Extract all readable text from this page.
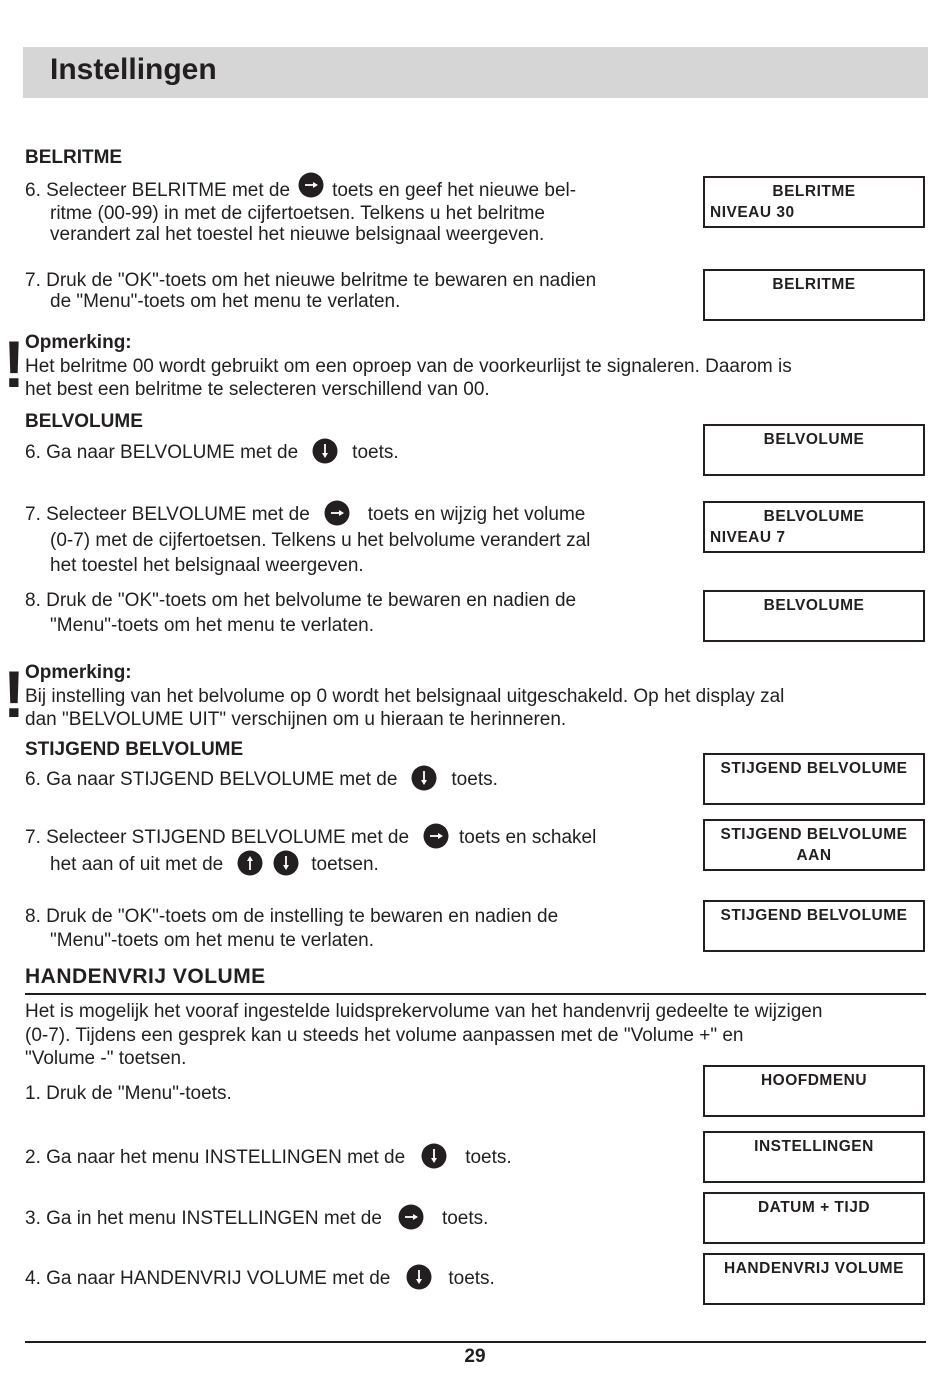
Instellingen
BELRITME
6. Selecteer BELRITME met de toets en geef het nieuwe bel-
ritme (00-99) in met de cijfertoetsen. Telkens u het belritme
verandert zal het toestel het nieuwe belsignaal weergeven.
BELRITME
NIVEAU 30
7. Druk de "OK"-toets om het nieuwe belritme te bewaren en nadien
de "Menu"-toets om het menu te verlaten.
BELRITME
! Opmerking:
Het belritme 00 wordt gebruikt om een oproep van de voorkeurlijst te signaleren. Daarom is
het best een belritme te selecteren verschillend van 00.
BELVOLUME
6. Ga naar BELVOLUME met de	toets.
BELVOLUME
7. Selecteer BELVOLUME met de	toets en wijzig het volume
(0-7) met de cijfertoetsen. Telkens u het belvolume verandert zal
het toestel het belsignaal weergeven.
BELVOLUME
NIVEAU 7
8. Druk de "OK"-toets om het belvolume te bewaren en nadien de
"Menu"-toets om het menu te verlaten.
BELVOLUME
! Opmerking:
Bij instelling van het belvolume op 0 wordt het belsignaal uitgeschakeld. Op het display zal
dan "BELVOLUME UIT" verschijnen om u hieraan te herinneren.
STIJGEND BELVOLUME
6. Ga naar STIJGEND BELVOLUME met de	toets.
STIJGEND BELVOLUME
7. Selecteer STIJGEND BELVOLUME met de	toets en schakel
het aan of uit met de	toetsen.
STIJGEND BELVOLUME
AAN
8. Druk de "OK"-toets om de instelling te bewaren en nadien de
"Menu"-toets om het menu te verlaten.
STIJGEND BELVOLUME
HANDENVRIJ VOLUME
Het is mogelijk het vooraf ingestelde luidsprekervolume van het handenvrij gedeelte te wijzigen
(0-7). Tijdens een gesprek kan u steeds het volume aanpassen met de "Volume +" en
"Volume -" toetsen.
1. Druk de "Menu"-toets.
HOOFDMENU
2. Ga naar het menu INSTELLINGEN met de	toets.
INSTELLINGEN
3. Ga in het menu INSTELLINGEN met de	toets.
DATUM + TIJD
4. Ga naar HANDENVRIJ VOLUME met de	toets.	HANDENVRIJ VOLUME
29
